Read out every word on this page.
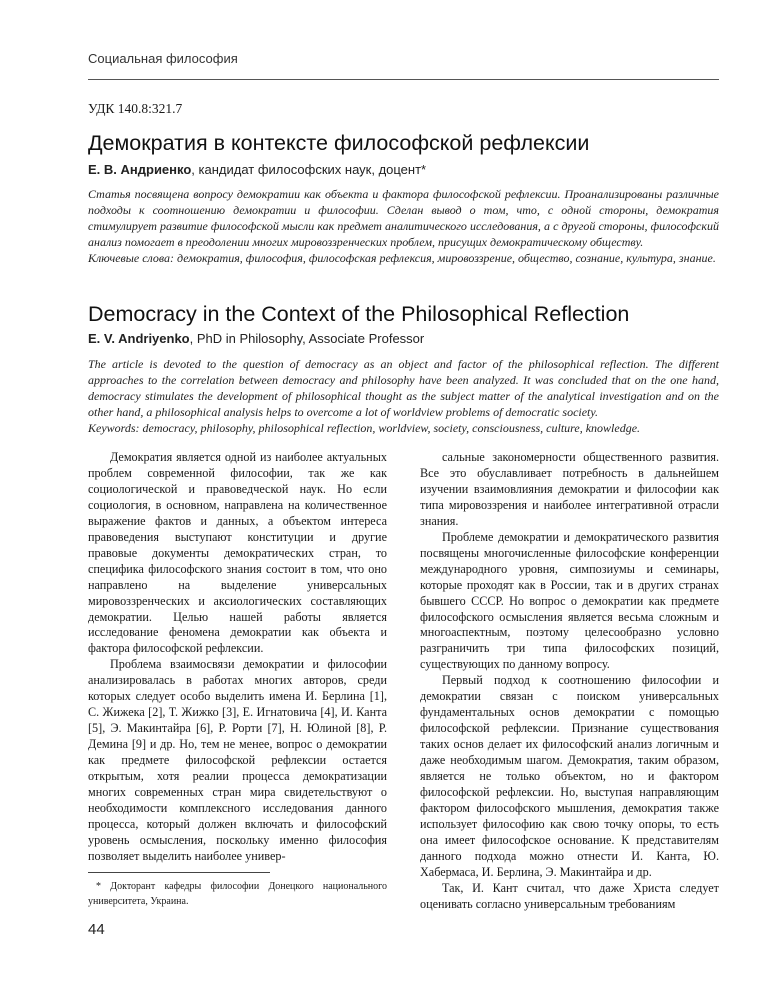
Социальная философия
УДК 140.8:321.7
Демократия в контексте философской рефлексии
Е. В. Андриенко, кандидат философских наук, доцент*

Статья посвящена вопросу демократии как объекта и фактора философской рефлексии. Проанализированы различные подходы к соотношению демократии и философии. Сделан вывод о том, что, с одной стороны, демократия стимулирует развитие философской мысли как предмет аналитического исследования, а с другой стороны, философский анализ помогает в преодолении многих мировоззренческих проблем, присущих демократическому обществу.

Ключевые слова: демократия, философия, философская рефлексия, мировоззрение, общество, сознание, культура, знание.

Democracy in the Context of the Philosophical Reflection
E. V. Andriyenko, PhD in Philosophy, Associate Professor

The article is devoted to the question of democracy as an object and factor of the philosophical reflection. The different approaches to the correlation between democracy and philosophy have been analyzed. It was concluded that on the one hand, democracy stimulates the development of philosophical thought as the subject matter of the analytical investigation and on the other hand, a philosophical analysis helps to overcome a lot of worldview problems of democratic society.

Keywords: democracy, philosophy, philosophical reflection, worldview, society, consciousness, culture, knowledge.

Демократия является одной из наиболее актуальных проблем современной философии, так же как социологической и правоведческой наук. Но если социология, в основном, направлена на количественное выражение фактов и данных, а объектом интереса правоведения выступают конституции и другие правовые документы демократических стран, то специфика философского знания состоит в том, что оно направлено на выделение универсальных мировоззренческих и аксиологических составляющих демократии. Целью нашей работы является исследование феномена демократии как объекта и фактора философской рефлексии.

Проблема взаимосвязи демократии и философии анализировалась в работах многих авторов, среди которых следует особо выделить имена И. Берлина [1], С. Жижека [2], Т. Жижко [3], Е. Игнатовича [4], И. Канта [5], Э. Макинтайра [6], Р. Рорти [7], Н. Юлиной [8], Р. Демина [9] и др. Но, тем не менее, вопрос о демократии как предмете философской рефлексии остается открытым, хотя реалии процесса демократизации многих современных стран мира свидетельствуют о необходимости комплексного исследования данного процесса, который должен включать и философский уровень осмысления, поскольку именно философия позволяет выделить наиболее универ-

сальные закономерности общественного развития. Все это обуславливает потребность в дальнейшем изучении взаимовлияния демократии и философии как типа мировоззрения и наиболее интегративной отрасли знания.

Проблеме демократии и демократического развития посвящены многочисленные философские конференции международного уровня, симпозиумы и семинары, которые проходят как в России, так и в других странах бывшего СССР. Но вопрос о демократии как предмете философского осмысления является весьма сложным и многоаспектным, поэтому целесообразно условно разграничить три типа философских позиций, существующих по данному вопросу.

Первый подход к соотношению философии и демократии связан с поиском универсальных фундаментальных основ демократии с помощью философской рефлексии. Признание существования таких основ делает их философский анализ логичным и даже необходимым шагом. Демократия, таким образом, является не только объектом, но и фактором философской рефлексии. Но, выступая направляющим фактором философского мышления, демократия также использует философию как свою точку опоры, то есть она имеет философское основание. К представителям данного подхода можно отнести И. Канта, Ю. Хабермаса, И. Берлина, Э. Макинтайра и др.

Так, И. Кант считал, что даже Христа следует оценивать согласно универсальным требованиям

* Докторант кафедры философии Донецкого национального университета, Украина.

44
